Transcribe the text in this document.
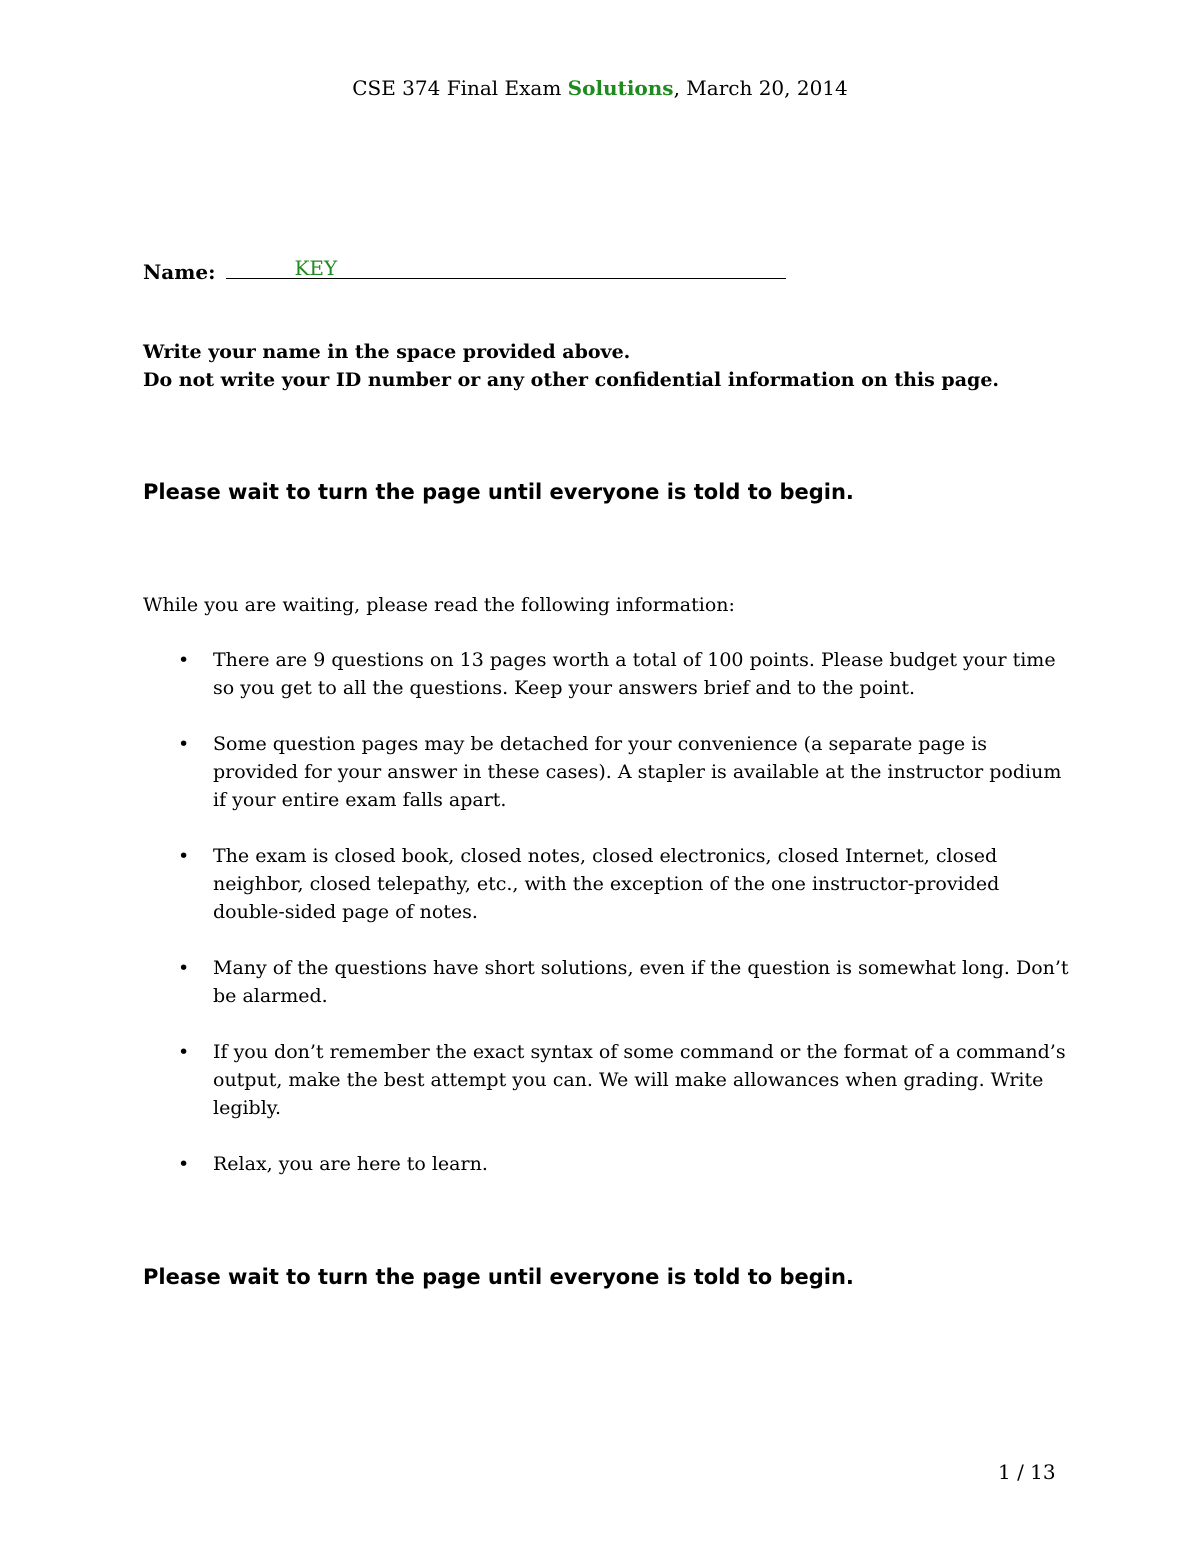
CSE 374 Final Exam Solutions, March 20, 2014
Name:	KEY
Write your name in the space provided above.
Do not write your ID number or any other confidential information on this page.
Please wait to turn the page until everyone is told to begin.
While you are waiting, please read the following information:
• There are 9 questions on 13 pages worth a total of 100 points. Please budget your time so you get to all the questions. Keep your answers brief and to the point.
• Some question pages may be detached for your convenience (a separate page is provided for your answer in these cases). A stapler is available at the instructor podium if your entire exam falls apart.
• The exam is closed book, closed notes, closed electronics, closed Internet, closed neighbor, closed telepathy, etc., with the exception of the one instructor-provided double-sided page of notes.
• Many of the questions have short solutions, even if the question is somewhat long. Don’t be alarmed.
• If you don’t remember the exact syntax of some command or the format of a command’s output, make the best attempt you can. We will make allowances when grading. Write legibly.
• Relax, you are here to learn.
Please wait to turn the page until everyone is told to begin.
1 / 13
